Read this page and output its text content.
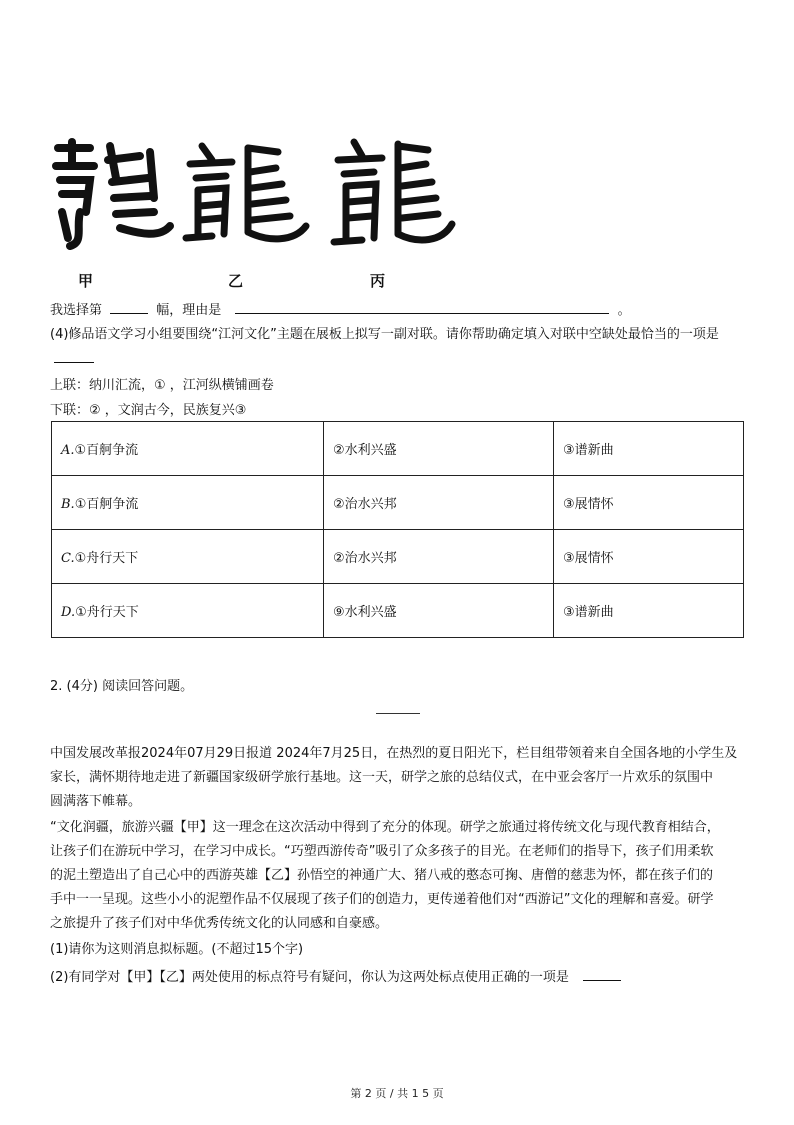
甲	乙	丙
我选择第	幅，理由是	。
(4)修品语文学习小组要围绕“江河文化”主题在展板上拟写一副对联。请你帮助确定填入对联中空缺处最恰当的一项是
上联：纳川汇流，① ，江河纵横铺画卷
下联：② ，文润古今，民族复兴③
A.①百舸争流	②水利兴盛	③谱新曲
B.①百舸争流	②治水兴邦	③展情怀
C.①舟行天下	②治水兴邦	③展情怀
D.①舟行天下	⑨水利兴盛	③谱新曲
2. (4分) 阅读回答问题。
中国发展改革报2024年07月29日报道 2024年7月25日，在热烈的夏日阳光下，栏目组带领着来自全国各地的小学生及
家长，满怀期待地走进了新疆国家级研学旅行基地。这一天，研学之旅的总结仪式，在中亚会客厅一片欢乐的氛围中
圆满落下帷幕。
“文化润疆，旅游兴疆【甲】这一理念在这次活动中得到了充分的体现。研学之旅通过将传统文化与现代教育相结合，
让孩子们在游玩中学习，在学习中成长。“巧塑西游传奇”吸引了众多孩子的目光。在老师们的指导下，孩子们用柔软
的泥土塑造出了自己心中的西游英雄【乙】孙悟空的神通广大、猪八戒的憨态可掬、唐僧的慈悲为怀，都在孩子们的
手中一一呈现。这些小小的泥塑作品不仅展现了孩子们的创造力，更传递着他们对“西游记”文化的理解和喜爱。研学
之旅提升了孩子们对中华优秀传统文化的认同感和自豪感。
(1)请你为这则消息拟标题。(不超过15个字)
(2)有同学对【甲】【乙】两处使用的标点符号有疑问，你认为这两处标点使用正确的一项是
第 2 页 / 共 1 5 页
